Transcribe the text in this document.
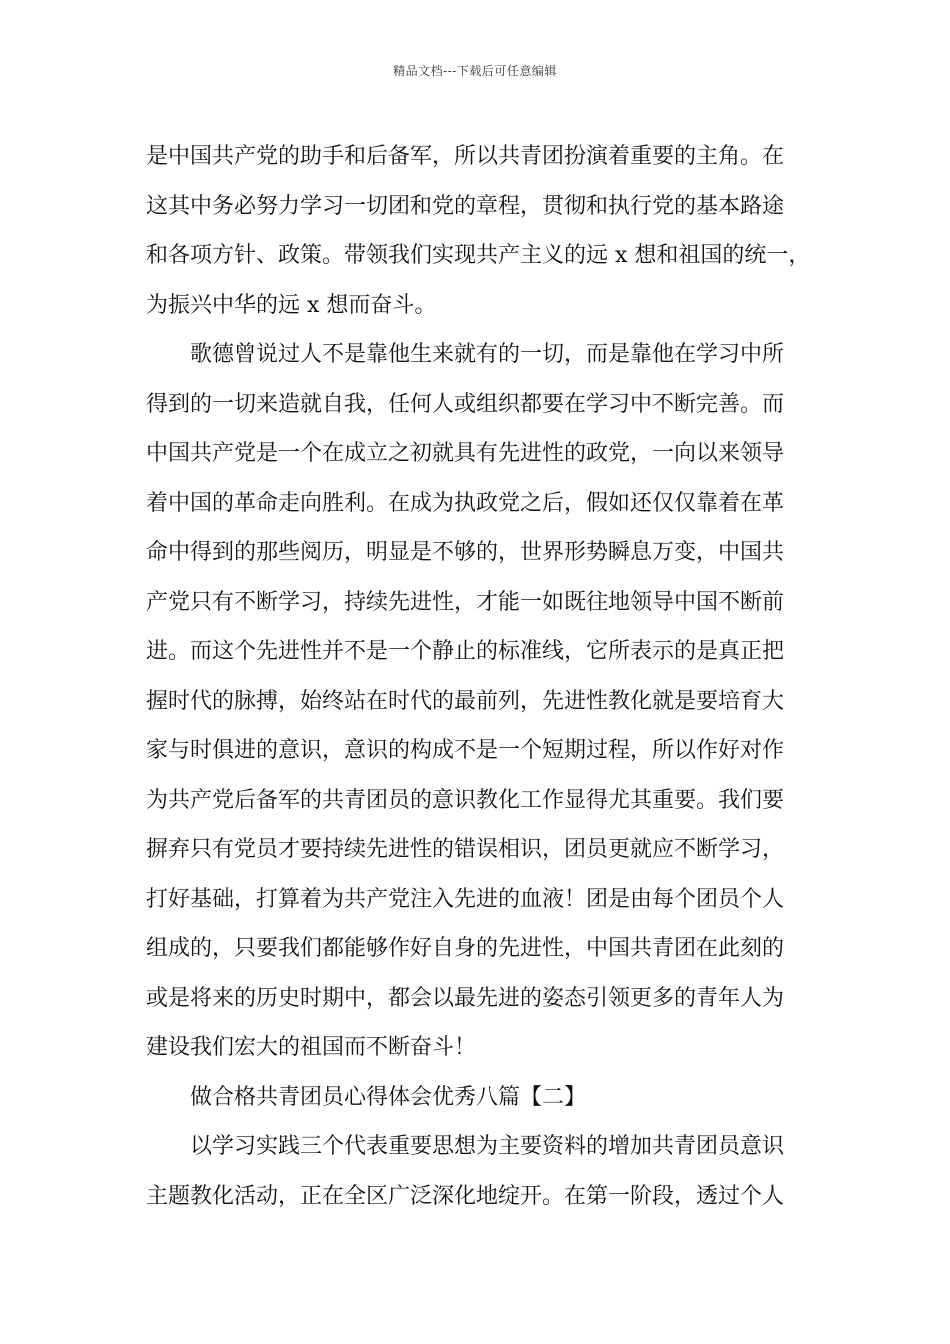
精品文档---下载后可任意编辑
是中国共产党的助手和后备军，所以共青团扮演着重要的主角。在
这其中务必努力学习一切团和党的章程，贯彻和执行党的基本路途
和各项方针、政策。带领我们实现共产主义的远 x 想和祖国的统一，
为振兴中华的远 x 想而奋斗。
　　歌德曾说过人不是靠他生来就有的一切，而是靠他在学习中所
得到的一切来造就自我，任何人或组织都要在学习中不断完善。而
中国共产党是一个在成立之初就具有先进性的政党，一向以来领导
着中国的革命走向胜利。在成为执政党之后，假如还仅仅靠着在革
命中得到的那些阅历，明显是不够的，世界形势瞬息万变，中国共
产党只有不断学习，持续先进性，才能一如既往地领导中国不断前
进。而这个先进性并不是一个静止的标准线，它所表示的是真正把
握时代的脉搏，始终站在时代的最前列，先进性教化就是要培育大
家与时俱进的意识，意识的构成不是一个短期过程，所以作好对作
为共产党后备军的共青团员的意识教化工作显得尤其重要。我们要
摒弃只有党员才要持续先进性的错误相识，团员更就应不断学习，
打好基础，打算着为共产党注入先进的血液！团是由每个团员个人
组成的，只要我们都能够作好自身的先进性，中国共青团在此刻的
或是将来的历史时期中，都会以最先进的姿态引领更多的青年人为
建设我们宏大的祖国而不断奋斗！
　　做合格共青团员心得体会优秀八篇【二】
　　以学习实践三个代表重要思想为主要资料的增加共青团员意识
主题教化活动，正在全区广泛深化地绽开。在第一阶段，透过个人
